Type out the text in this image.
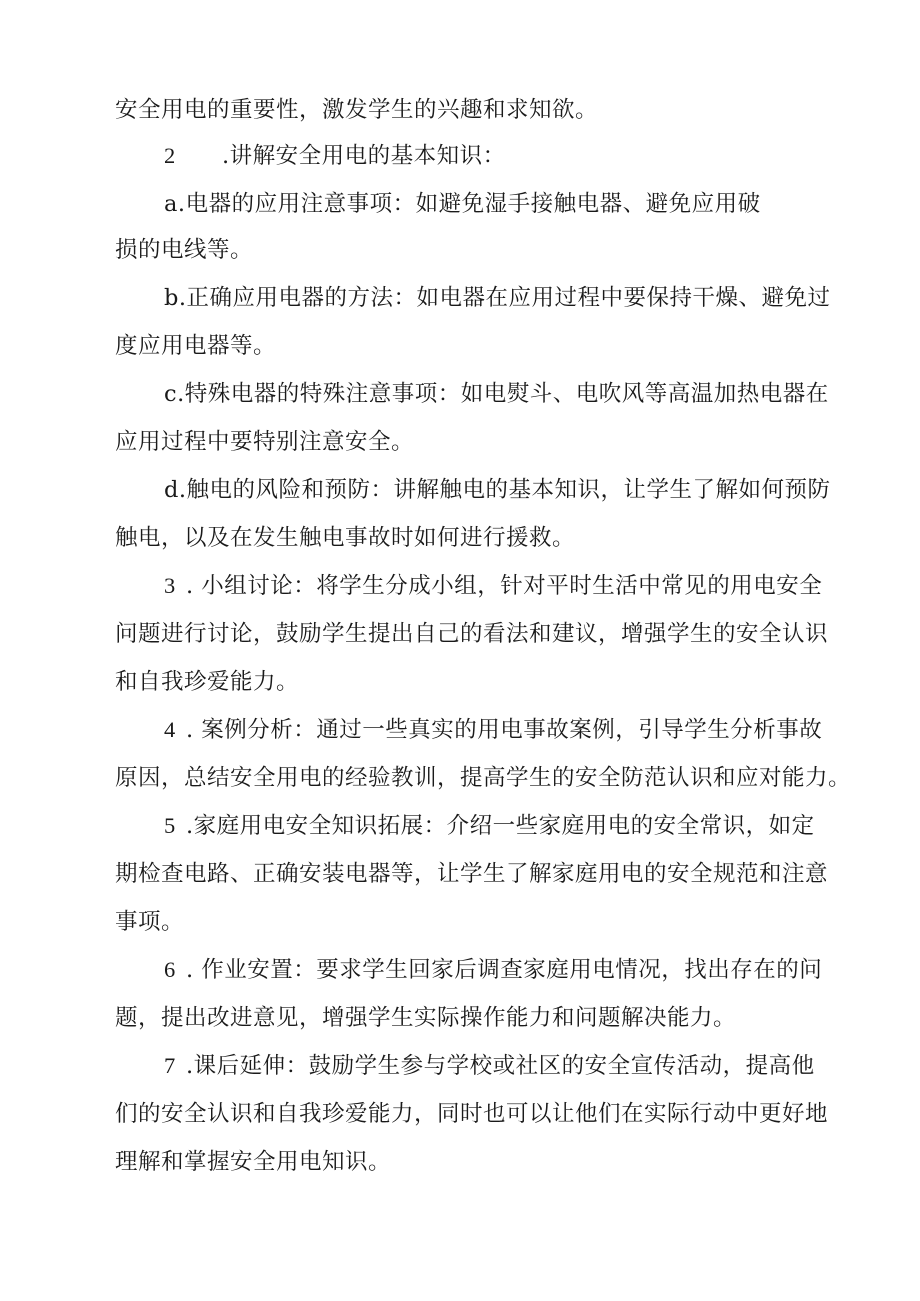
安全用电的重要性，激发学生的兴趣和求知欲。
2 .讲解安全用电的基本知识：
a.电器的应用注意事项：如避免湿手接触电器、避免应用破
损的电线等。
b.正确应用电器的方法：如电器在应用过程中要保持干燥、避免过
度应用电器等。
c.特殊电器的特殊注意事项：如电熨斗、电吹风等高温加热电器在
应用过程中要特别注意安全。
d.触电的风险和预防：讲解触电的基本知识，让学生了解如何预防
触电，以及在发生触电事故时如何进行援救。
3 . 小组讨论：将学生分成小组，针对平时生活中常见的用电安全
问题进行讨论，鼓励学生提出自己的看法和建议，增强学生的安全认识
和自我珍爱能力。
4 . 案例分析：通过一些真实的用电事故案例，引导学生分析事故
原因，总结安全用电的经验教训，提高学生的安全防范认识和应对能力。
5 .家庭用电安全知识拓展：介绍一些家庭用电的安全常识，如定
期检查电路、正确安装电器等，让学生了解家庭用电的安全规范和注意
事项。
6 . 作业安置：要求学生回家后调查家庭用电情况，找出存在的问
题，提出改进意见，增强学生实际操作能力和问题解决能力。
7 .课后延伸：鼓励学生参与学校或社区的安全宣传活动，提高他
们的安全认识和自我珍爱能力，同时也可以让他们在实际行动中更好地
理解和掌握安全用电知识。
